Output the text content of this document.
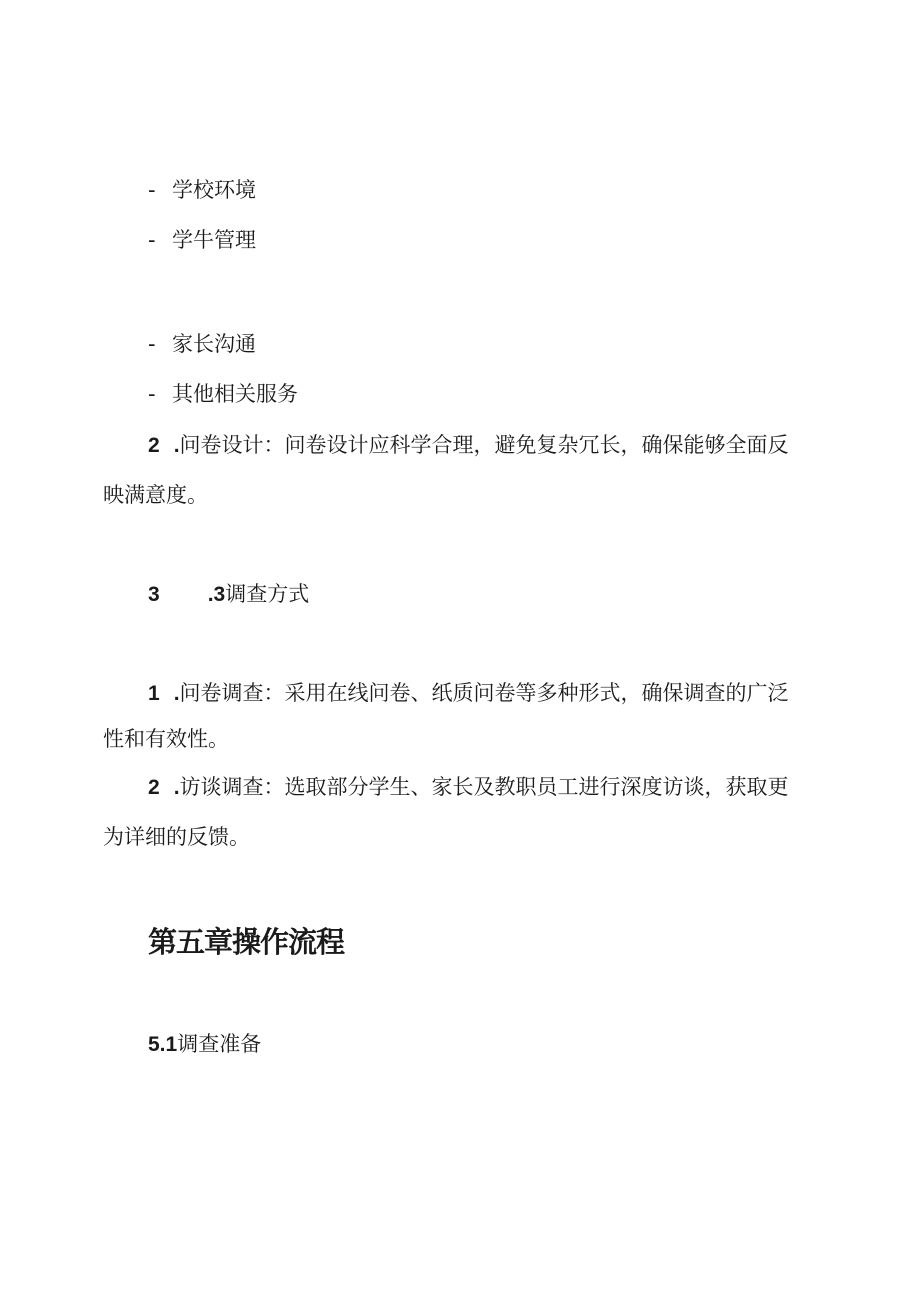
- 学校环境
- 学牛管理
- 家长沟通
- 其他相关服务
2 .问卷设计：问卷设计应科学合理，避免复杂冗长，确保能够全面反
映满意度。
3 .3调查方式
1 .问卷调查：采用在线问卷、纸质问卷等多种形式，确保调查的广泛
性和有效性。
2 .访谈调查：选取部分学生、家长及教职员工进行深度访谈，获取更
为详细的反馈。
第五章操作流程
5.1调查准备
